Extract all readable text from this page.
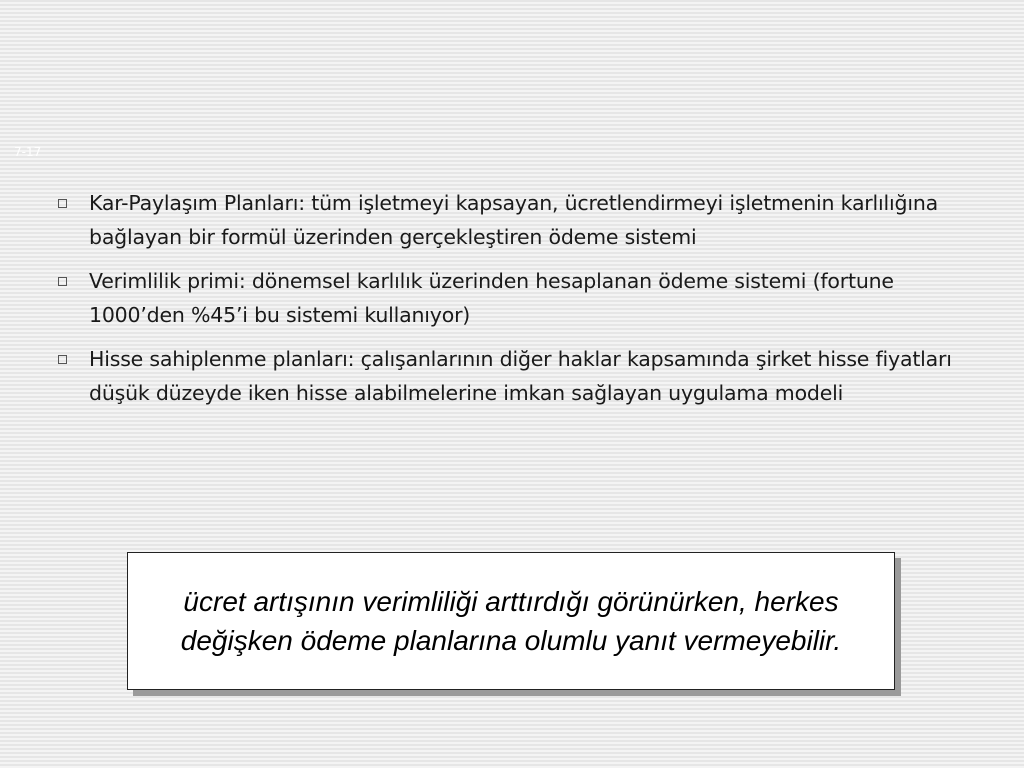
7-17
Kar-Paylaşım Planları: tüm işletmeyi kapsayan, ücretlendirmeyi işletmenin karlılığına bağlayan bir formül üzerinden gerçekleştiren ödeme sistemi
Verimlilik primi: dönemsel karlılık üzerinden hesaplanan ödeme sistemi (fortune 1000’den %45’i bu sistemi kullanıyor)
Hisse sahiplenme planları: çalışanlarının diğer haklar kapsamında şirket hisse fiyatları düşük düzeyde iken hisse alabilmelerine imkan sağlayan uygulama modeli
ücret artışının verimliliği arttırdığı görünürken, herkes değişken ödeme planlarına olumlu yanıt vermeyebilir.
